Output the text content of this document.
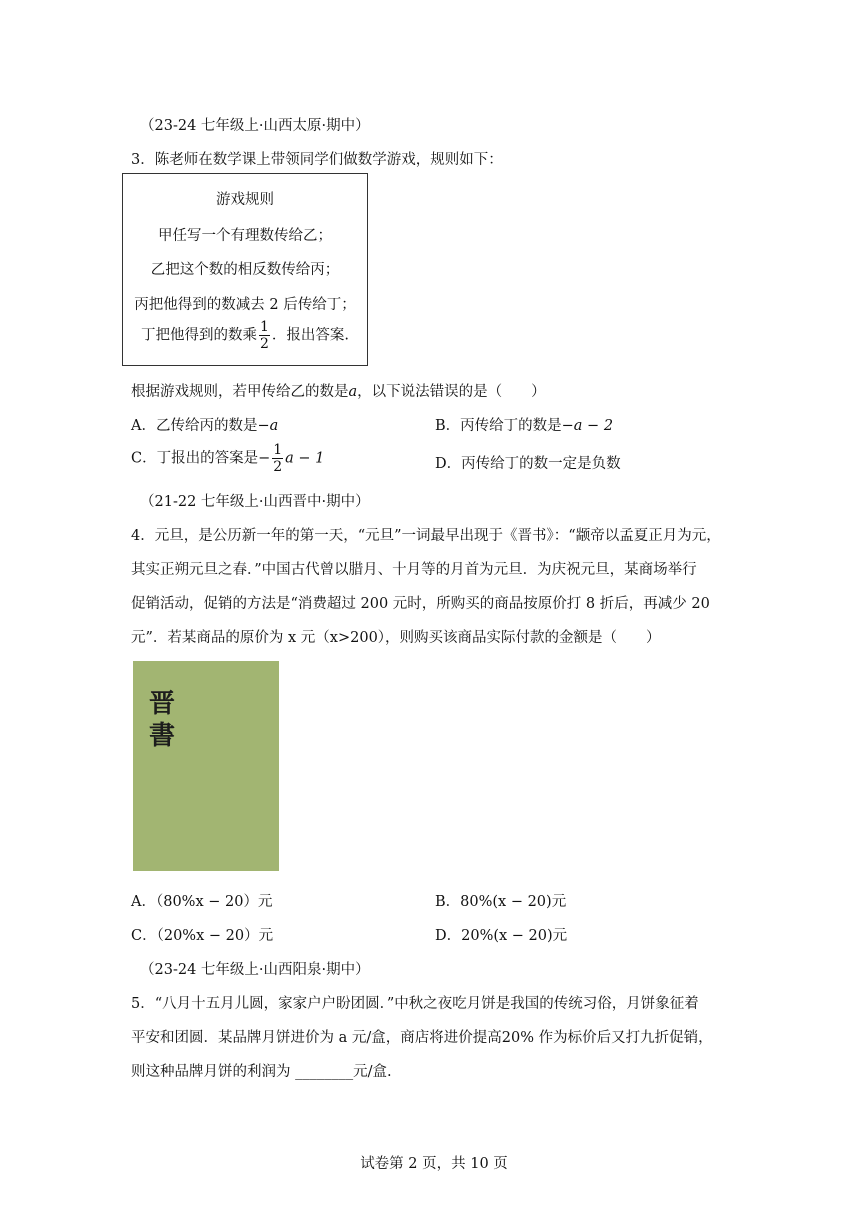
（23-24 七年级上·山西太原·期中）
3．陈老师在数学课上带领同学们做数学游戏，规则如下：
游戏规则
甲任写一个有理数传给乙；
乙把这个数的相反数传给丙；
丙把他得到的数减去 2 后传给丁；
丁把他得到的数乘 $\frac{1}{2}$ ．报出答案.
根据游戏规则，若甲传给乙的数是a，以下说法错误的是（　　）
A．乙传给丙的数是−a	B．丙传给丁的数是−a − 2
C．丁报出的答案是− $\frac{1}{2}$ a − 1	D．丙传给丁的数一定是负数
（21-22 七年级上·山西晋中·期中）
4．元旦，是公历新一年的第一天，“元旦”一词最早出现于《晋书》：“颛帝以孟夏正月为元，
其实正朔元旦之春．”中国古代曾以腊月、十月等的月首为元旦．为庆祝元旦，某商场举行
促销活动，促销的方法是“消费超过 200 元时，所购买的商品按原价打 8 折后，再减少 20
元”．若某商品的原价为 x 元（x>200），则购买该商品实际付款的金额是（　　）
晋
書
A．（80%x − 20）元	B．80%(x − 20)元
C．（20%x − 20）元	D．20%(x − 20)元
（23-24 七年级上·山西阳泉·期中）
5．“八月十五月儿圆，家家户户盼团圆．”中秋之夜吃月饼是我国的传统习俗，月饼象征着
平安和团圆．某品牌月饼进价为 a 元/盒，商店将进价提高20% 作为标价后又打九折促销，
则这种品牌月饼的利润为 ________元/盒.
试卷第 2 页，共 10 页
